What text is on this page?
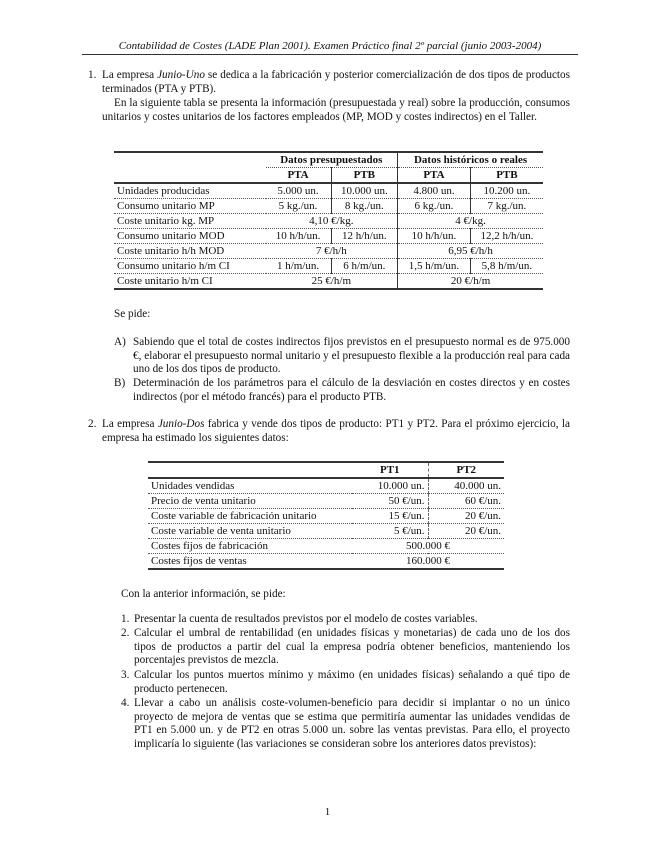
Contabilidad de Costes (LADE Plan 2001). Examen Práctico final 2º parcial (junio 2003-2004)
1. La empresa Junio-Uno se dedica a la fabricación y posterior comercialización de dos tipos de productos terminados (PTA y PTB).
En la siguiente tabla se presenta la información (presupuestada y real) sobre la producción, consumos unitarios y costes unitarios de los factores empleados (MP, MOD y costes indirectos) en el Taller.
	Datos presupuestados		Datos históricos o reales	
	PTA	PTB	PTA	PTB
Unidades producidas	5.000 un.	10.000 un.	4.800 un.	10.200 un.
Consumo unitario MP	5 kg./un.	8 kg./un.	6 kg./un.	7 kg./un.
Coste unitario kg. MP	4,10 €/kg.		4 €/kg.	
Consumo unitario MOD	10 h/h/un.	12 h/h/un.	10 h/h/un.	12,2 h/h/un.
Coste unitario h/h MOD	7 €/h/h		6,95 €/h/h	
Consumo unitario h/m CI	1 h/m/un.	6 h/m/un.	1,5 h/m/un.	5,8 h/m/un.
Coste unitario h/m CI	25 €/h/m		20 €/h/m	
Se pide:
A) Sabiendo que el total de costes indirectos fijos previstos en el presupuesto normal es de 975.000 €, elaborar el presupuesto normal unitario y el presupuesto flexible a la producción real para cada uno de los dos tipos de producto.
B) Determinación de los parámetros para el cálculo de la desviación en costes directos y en costes indirectos (por el método francés) para el producto PTB.
2. La empresa Junio-Dos fabrica y vende dos tipos de producto: PT1 y PT2. Para el próximo ejercicio, la empresa ha estimado los siguientes datos:
	PT1	PT2
Unidades vendidas	10.000 un.	40.000 un.
Precio de venta unitario	50 €/un.	60 €/un.
Coste variable de fabricación unitario	15 €/un.	20 €/un.
Coste variable de venta unitario	5 €/un.	20 €/un.
Costes fijos de fabricación	500.000 €	
Costes fijos de ventas	160.000 €	
Con la anterior información, se pide:
1. Presentar la cuenta de resultados previstos por el modelo de costes variables.
2. Calcular el umbral de rentabilidad (en unidades físicas y monetarias) de cada uno de los dos tipos de productos a partir del cual la empresa podría obtener beneficios, manteniendo los porcentajes previstos de mezcla.
3. Calcular los puntos muertos mínimo y máximo (en unidades físicas) señalando a qué tipo de producto pertenecen.
4. Llevar a cabo un análisis coste-volumen-beneficio para decidir si implantar o no un único proyecto de mejora de ventas que se estima que permitiría aumentar las unidades vendidas de PT1 en 5.000 un. y de PT2 en otras 5.000 un. sobre las ventas previstas. Para ello, el proyecto implicaría lo siguiente (las variaciones se consideran sobre los anteriores datos previstos):
1
